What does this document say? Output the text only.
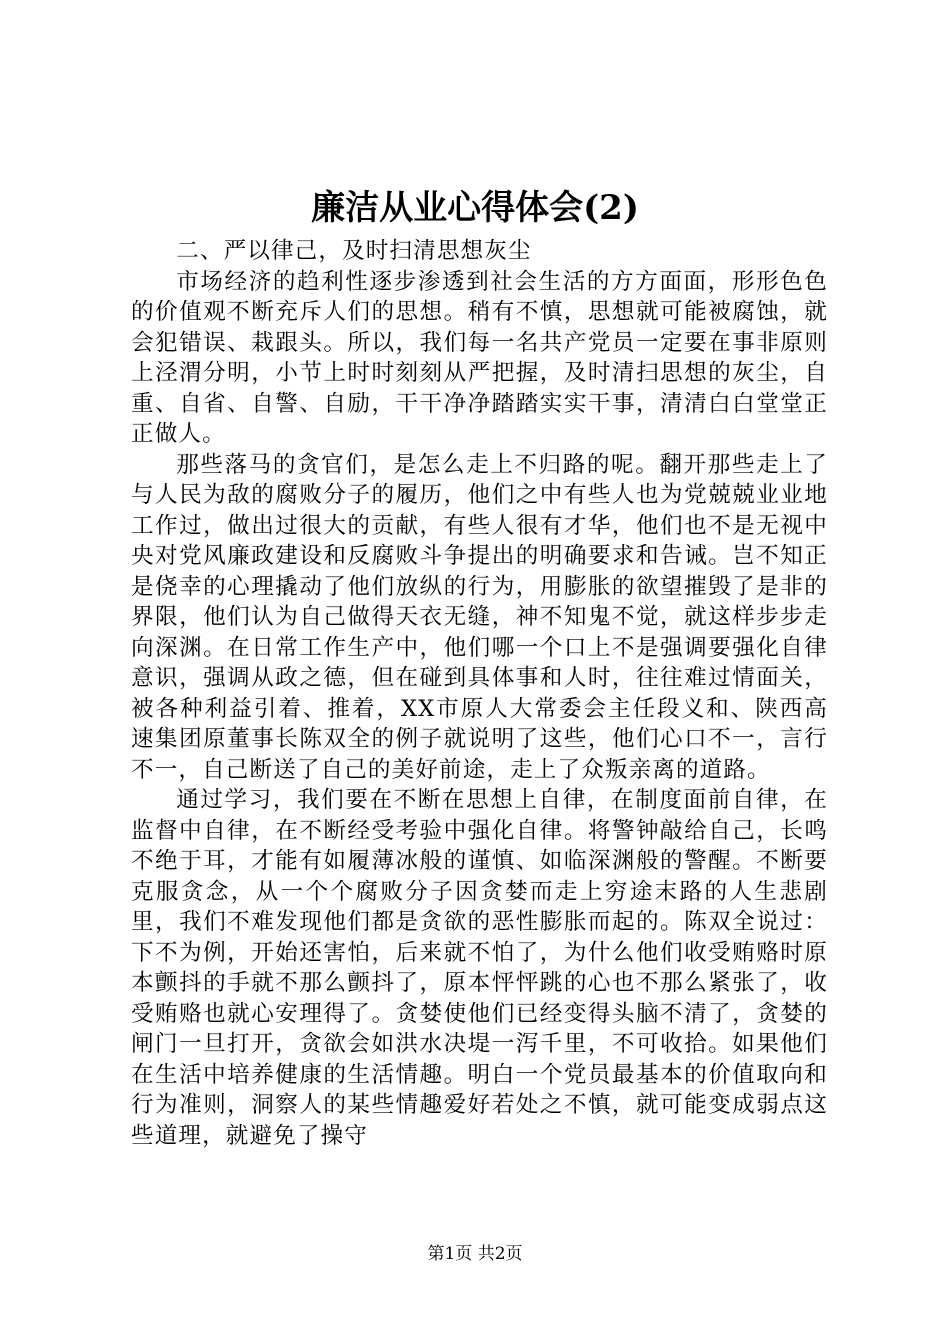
廉洁从业心得体会(2)

二、严以律己，及时扫清思想灰尘

市场经济的趋利性逐步渗透到社会生活的方方面面，形形色色的价值观不断充斥人们的思想。稍有不慎，思想就可能被腐蚀，就会犯错误、栽跟头。所以，我们每一名共产党员一定要在事非原则上泾渭分明，小节上时时刻刻从严把握，及时清扫思想的灰尘，自重、自省、自警、自励，干干净净踏踏实实干事，清清白白堂堂正正做人。

那些落马的贪官们，是怎么走上不归路的呢。翻开那些走上了与人民为敌的腐败分子的履历，他们之中有些人也为党兢兢业业地工作过，做出过很大的贡献，有些人很有才华，他们也不是无视中央对党风廉政建设和反腐败斗争提出的明确要求和告诫。岂不知正是侥幸的心理撬动了他们放纵的行为，用膨胀的欲望摧毁了是非的界限，他们认为自己做得天衣无缝，神不知鬼不觉，就这样步步走向深渊。在日常工作生产中，他们哪一个口上不是强调要强化自律意识，强调从政之德，但在碰到具体事和人时，往往难过情面关，被各种利益引着、推着，XX市原人大常委会主任段义和、陕西高速集团原董事长陈双全的例子就说明了这些，他们心口不一，言行不一，自己断送了自己的美好前途，走上了众叛亲离的道路。

通过学习，我们要在不断在思想上自律，在制度面前自律，在监督中自律，在不断经受考验中强化自律。将警钟敲给自己，长鸣不绝于耳，才能有如履薄冰般的谨慎、如临深渊般的警醒。不断要克服贪念，从一个个腐败分子因贪婪而走上穷途末路的人生悲剧里，我们不难发现他们都是贪欲的恶性膨胀而起的。陈双全说过：下不为例，开始还害怕，后来就不怕了，为什么他们收受贿赂时原本颤抖的手就不那么颤抖了，原本怦怦跳的心也不那么紧张了，收受贿赂也就心安理得了。贪婪使他们已经变得头脑不清了，贪婪的闸门一旦打开，贪欲会如洪水决堤一泻千里，不可收拾。如果他们在生活中培养健康的生活情趣。明白一个党员最基本的价值取向和行为准则，洞察人的某些情趣爱好若处之不慎，就可能变成弱点这些道理，就避免了操守

第1页 共2页
